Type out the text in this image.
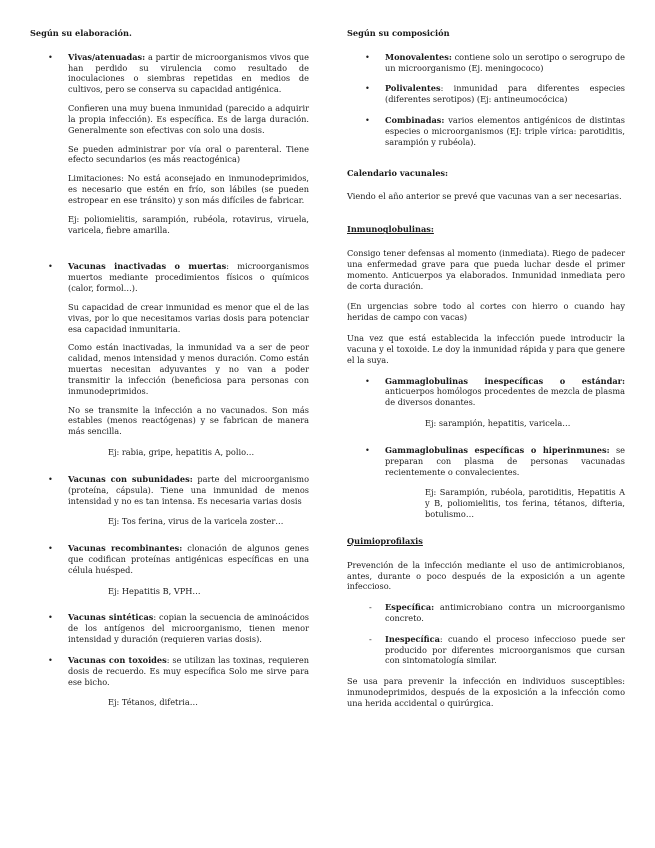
Según su elaboración.
•	Vivas/atenuadas: a partir de microorganismos vivos que han perdido su virulencia como resultado de inoculaciones o siembras repetidas en medios de cultivos, pero se conserva su capacidad antigénica.
Confieren una muy buena inmunidad (parecido a adquirir la propia infección). Es específica. Es de larga duración. Generalmente son efectivas con solo una dosis.
Se pueden administrar por vía oral o parenteral. Tiene efecto secundarios (es más reactogénica)
Limitaciones: No está aconsejado en inmunodeprimidos, es necesario que estén en frío, son lábiles (se pueden estropear en ese tránsito) y son más difíciles de fabricar.
Ej: poliomielitis, sarampión, rubéola, rotavirus, viruela, varicela, fiebre amarilla.
•	Vacunas inactivadas o muertas: microorganismos muertos mediante procedimientos físicos o químicos (calor, formol…).
Su capacidad de crear inmunidad es menor que el de las vivas, por lo que necesitamos varias dosis para potenciar esa capacidad inmunitaria.
Como están inactivadas, la inmunidad va a ser de peor calidad, menos intensidad y menos duración. Como están muertas necesitan adyuvantes y no van a poder transmitir la infección (beneficiosa para personas con inmunodeprimidos.
No se transmite la infección a no vacunados. Son más estables (menos reactógenas) y se fabrican de manera más sencilla.
Ej: rabia, gripe, hepatitis A, polio…
•	Vacunas con subunidades: parte del microorganismo (proteína, cápsula). Tiene una inmunidad de menos intensidad y no es tan intensa. Es necesaria varias dosis
Ej: Tos ferina, virus de la varicela zoster…
•	Vacunas recombinantes: clonación de algunos genes que codifican proteínas antigénicas específicas en una célula huésped.
Ej: Hepatitis B, VPH…
•	Vacunas sintéticas: copian la secuencia de aminoácidos de los antígenos del microorganismo, tienen menor intensidad y duración (requieren varias dosis).
•	Vacunas con toxoides: se utilizan las toxinas, requieren dosis de recuerdo. Es muy específica Solo me sirve para ese bicho.
Ej: Tétanos, difetria…
Según su composición
•	Monovalentes: contiene solo un serotipo o serogrupo de un microorganismo (Ej. meningococo)
•	Polivalentes: inmunidad para diferentes especies (diferentes serotipos) (Ej: antineumocócica)
•	Combinadas: varios elementos antigénicos de distintas especies o microorganismos (EJ: triple vírica: parotiditis, sarampión y rubéola).
Calendario vacunales:
Viendo el año anterior se prevé que vacunas van a ser necesarias.
Inmunoglobulinas:
Consigo tener defensas al momento (inmediata). Riego de padecer una enfermedad grave para que pueda luchar desde el primer momento. Anticuerpos ya elaborados. Inmunidad inmediata pero de corta duración.
(En urgencias sobre todo al cortes con hierro o cuando hay heridas de campo con vacas)
Una vez que está establecida la infección puede introducir la vacuna y el toxoide. Le doy la inmunidad rápida y para que genere el la suya.
•	Gammaglobulinas inespecíficas o estándar: anticuerpos homólogos procedentes de mezcla de plasma de diversos donantes.
Ej: sarampión, hepatitis, varicela…
•	Gammaglobulinas específicas o hiperinmunes: se preparan con plasma de personas vacunadas recientemente o convalecientes.
Ej: Sarampión, rubéola, parotiditis, Hepatitis A y B, poliomielitis, tos ferina, tétanos, difteria, botulismo…
Quimioprofilaxis
Prevención de la infección mediante el uso de antimicrobianos, antes, durante o poco después de la exposición a un agente infeccioso.
- Específica: antimicrobiano contra un microorganismo concreto.
- Inespecífica: cuando el proceso infeccioso puede ser producido por diferentes microorganismos que cursan con sintomatología similar.
Se usa para prevenir la infección en individuos susceptibles: inmunodeprimidos, después de la exposición a la infección como una herida accidental o quirúrgica.
